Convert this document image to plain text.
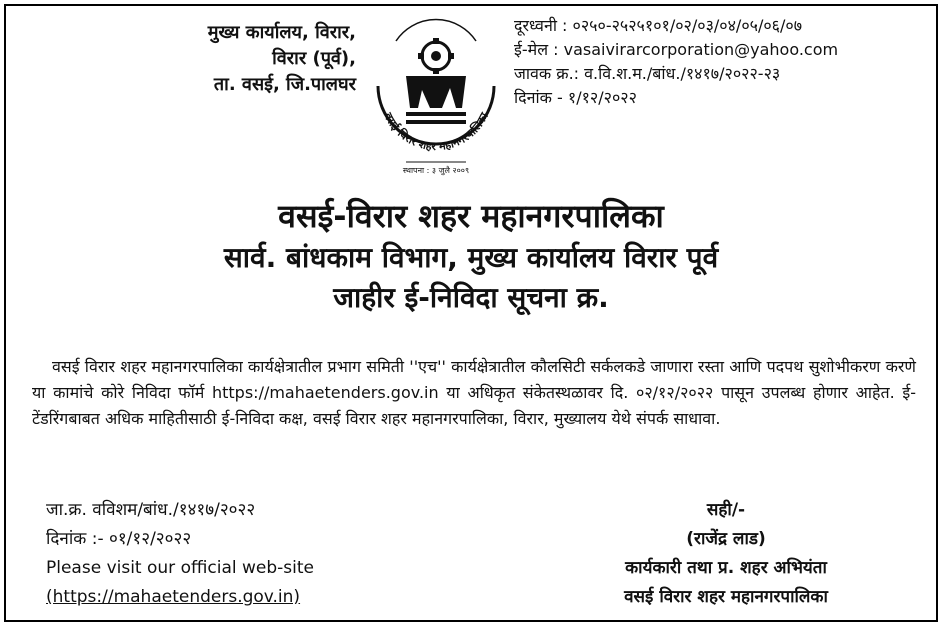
मुख्य कार्यालय, विरार,
विरार (पूर्व),
ता. वसई, जि.पालघर
वसई-विरार शहर महानगरपालिका
स्थापना : ३ जुलै २००९
दूरध्वनी : ०२५०-२५२५१०१/०२/०३/०४/०५/०६/०७
ई-मेल : vasaivirarcorporation@yahoo.com
जावक क्र.: व.वि.श.म./बांध./१४१७/२०२२-२३
दिनांक - १/१२/२०२२
वसई-विरार शहर महानगरपालिका
सार्व. बांधकाम विभाग, मुख्य कार्यालय विरार पूर्व
जाहीर ई-निविदा सूचना क्र.
वसई विरार शहर महानगरपालिका कार्यक्षेत्रातील प्रभाग समिती ''एच'' कार्यक्षेत्रातील कौलसिटी सर्कलकडे जाणारा रस्ता आणि पदपथ सुशोभीकरण करणे या कामांचे कोरे निविदा फॉर्म https://mahaetenders.gov.in या अधिकृत संकेतस्थळावर दि. ०२/१२/२०२२ पासून उपलब्ध होणार आहेत. ई-टेंडरिंगबाबत अधिक माहितीसाठी ई-निविदा कक्ष, वसई विरार शहर महानगरपालिका, विरार, मुख्यालय येथे संपर्क साधावा.
जा.क्र. वविशम/बांध./१४१७/२०२२
दिनांक :- ०१/१२/२०२२
Please visit our official web-site
(https://mahaetenders.gov.in)
सही/-
(राजेंद्र लाड)
कार्यकारी तथा प्र. शहर अभियंता
वसई विरार शहर महानगरपालिका
